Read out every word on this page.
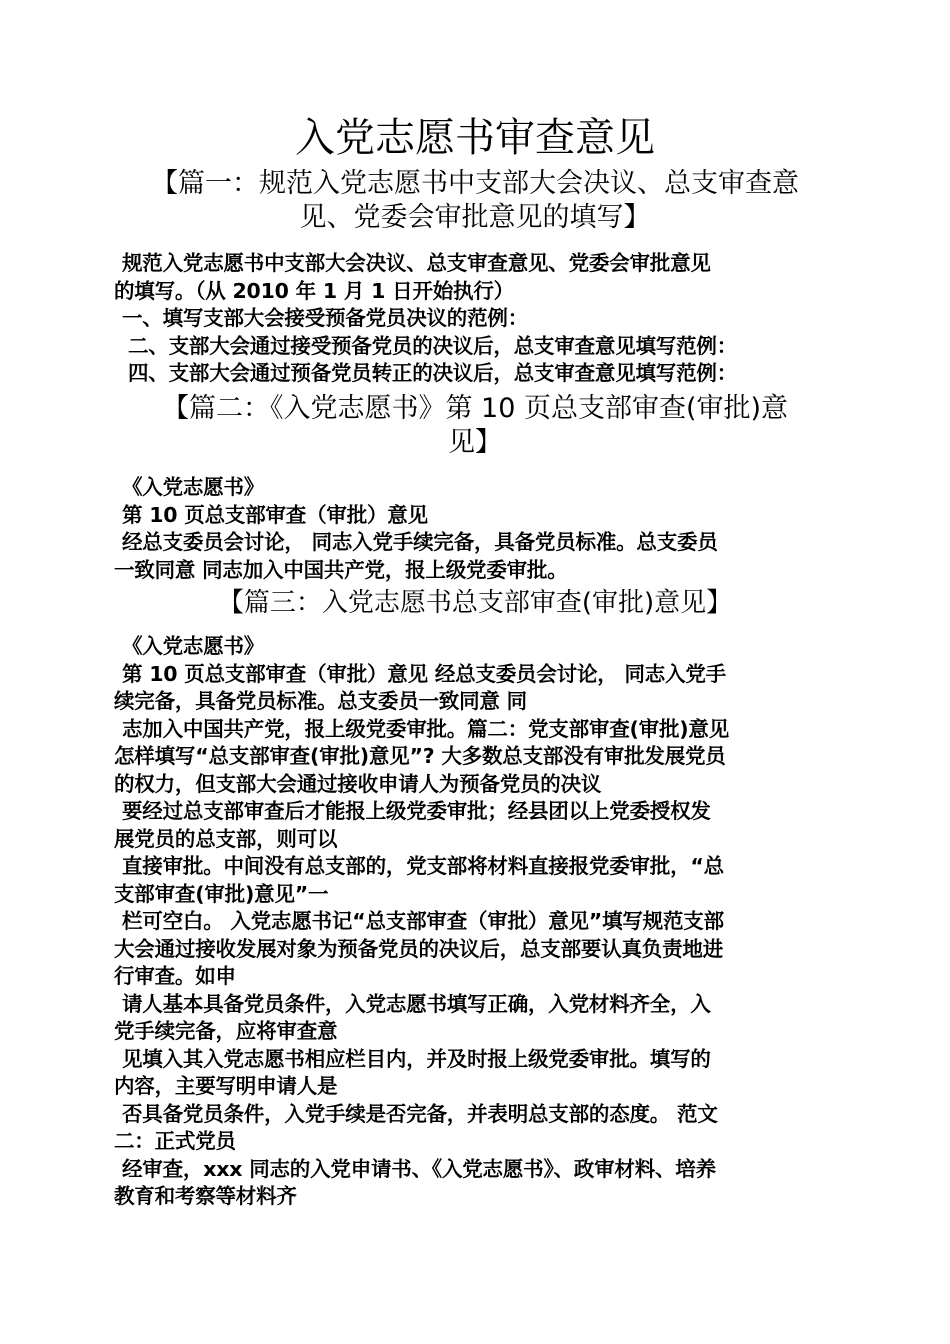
入党志愿书审查意见
【篇一：规范入党志愿书中支部大会决议、总支审查意
见、党委会审批意见的填写】
规范入党志愿书中支部大会决议、总支审查意见、党委会审批意见
的填写。（从 2010 年 1 月 1 日开始执行）
一、填写支部大会接受预备党员决议的范例：
二、支部大会通过接受预备党员的决议后，总支审查意见填写范例：
四、支部大会通过预备党员转正的决议后，总支审查意见填写范例：
【篇二：《入党志愿书》第 10 页总支部审查(审批)意
见】
《入党志愿书》
第 10 页总支部审查（审批）意见
经总支委员会讨论， 同志入党手续完备，具备党员标准。总支委员
一致同意 同志加入中国共产党，报上级党委审批。
【篇三：入党志愿书总支部审查(审批)意见】
《入党志愿书》
第 10 页总支部审查（审批）意见 经总支委员会讨论， 同志入党手
续完备，具备党员标准。总支委员一致同意 同
志加入中国共产党，报上级党委审批。篇二：党支部审查(审批)意见
怎样填写“总支部审查(审批)意见”? 大多数总支部没有审批发展党员
的权力，但支部大会通过接收申请人为预备党员的决议
要经过总支部审查后才能报上级党委审批；经县团以上党委授权发
展党员的总支部，则可以
直接审批。中间没有总支部的，党支部将材料直接报党委审批，“总
支部审查(审批)意见”一
栏可空白。 入党志愿书记“总支部审查（审批）意见”填写规范支部
大会通过接收发展对象为预备党员的决议后，总支部要认真负责地进
行审查。如申
请人基本具备党员条件，入党志愿书填写正确，入党材料齐全，入
党手续完备，应将审查意
见填入其入党志愿书相应栏目内，并及时报上级党委审批。填写的
内容，主要写明申请人是
否具备党员条件，入党手续是否完备，并表明总支部的态度。 范文
二：正式党员
经审查，xxx 同志的入党申请书、《入党志愿书》、政审材料、培养
教育和考察等材料齐
